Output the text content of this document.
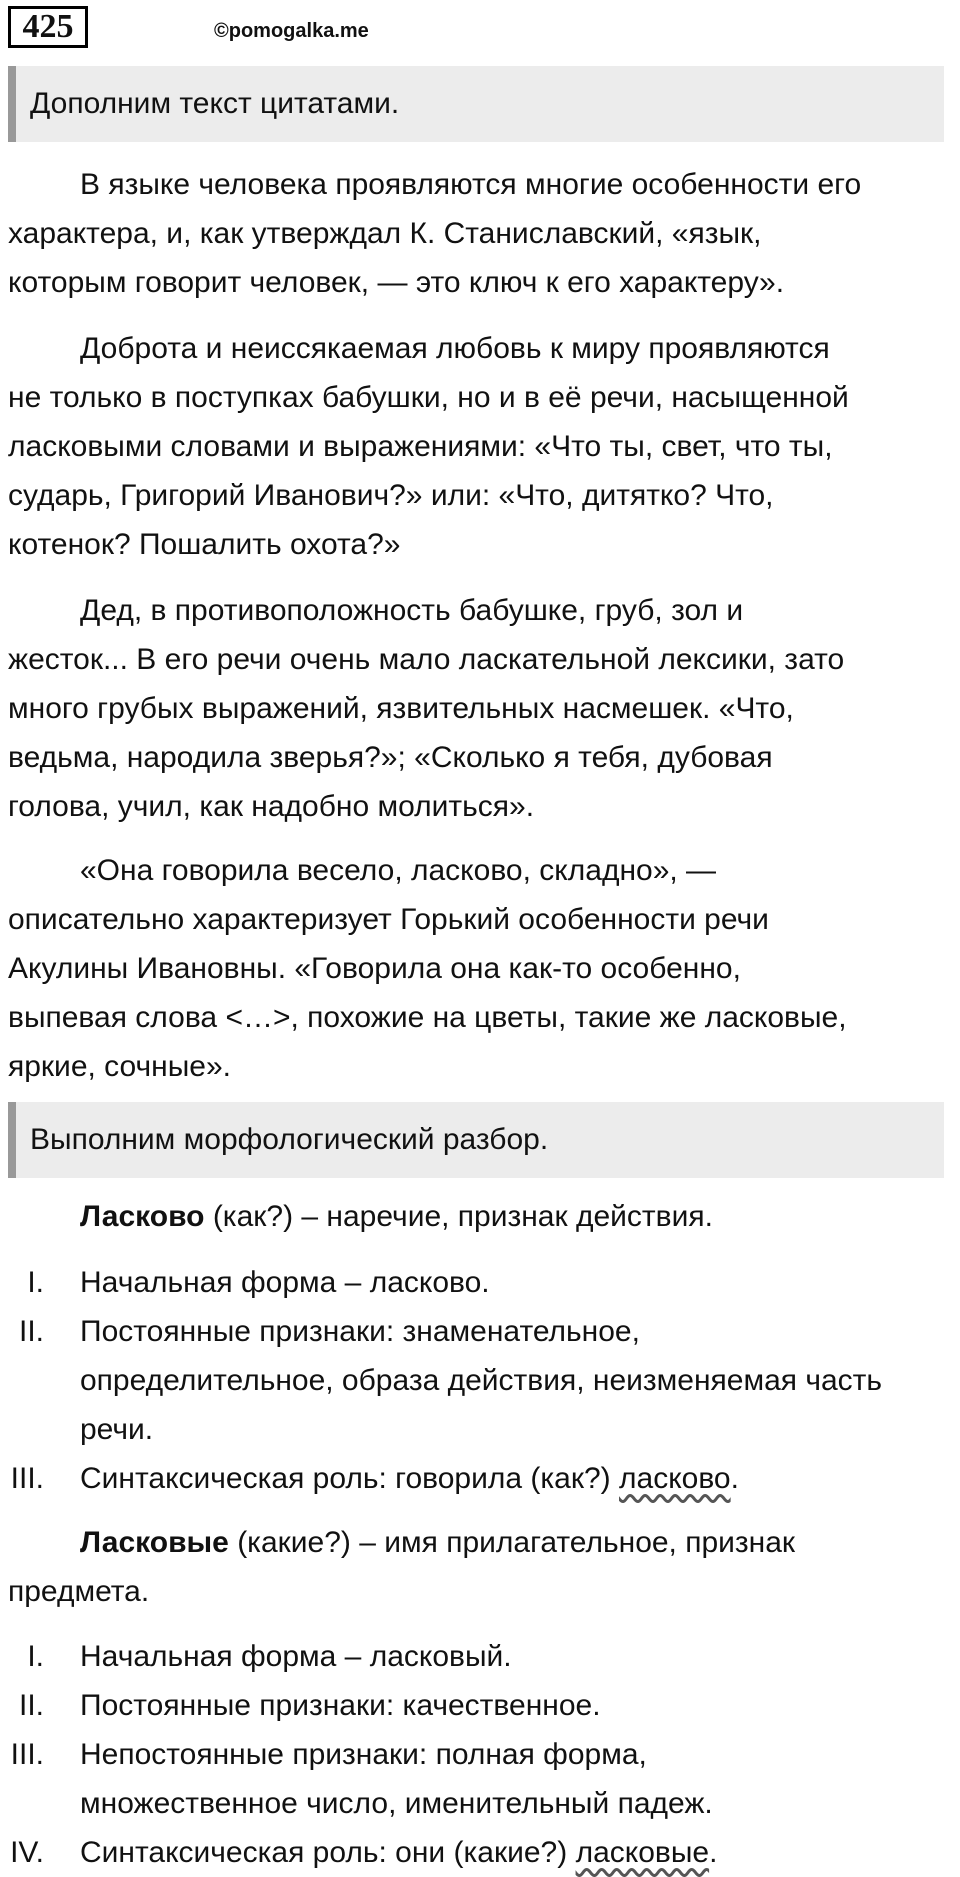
425	©pomogalka.me
Дополним текст цитатами.

В языке человека проявляются многие особенности его
характера, и, как утверждал К. Станиславский, «язык,
которым говорит человек, — это ключ к его характеру».

Доброта и неиссякаемая любовь к миру проявляются
не только в поступках бабушки, но и в её речи, насыщенной
ласковыми словами и выражениями: «Что ты, свет, что ты,
сударь, Григорий Иванович?» или: «Что, дитятко? Что,
котенок? Пошалить охота?»

Дед, в противоположность бабушке, груб, зол и
жесток... В его речи очень мало ласкательной лексики, зато
много грубых выражений, язвительных насмешек. «Что,
ведьма, народила зверья?»; «Сколько я тебя, дубовая
голова, учил, как надобно молиться».

«Она говорила весело, ласково, складно», —
описательно характеризует Горький особенности речи
Акулины Ивановны. «Говорила она как-то особенно,
выпевая слова <…>, похожие на цветы, такие же ласковые,
яркие, сочные».

Выполним морфологический разбор.

Ласково (как?) – наречие, признак действия.

I. Начальная форма – ласково.
II. Постоянные признаки: знаменательное,
определительное, образа действия, неизменяемая часть
речи.
III. Синтаксическая роль: говорила (как?) ласково.

Ласковые (какие?) – имя прилагательное, признак
предмета.

I. Начальная форма – ласковый.
II. Постоянные признаки: качественное.
III. Непостоянные признаки: полная форма,
множественное число, именительный падеж.
IV. Синтаксическая роль: они (какие?) ласковые.
